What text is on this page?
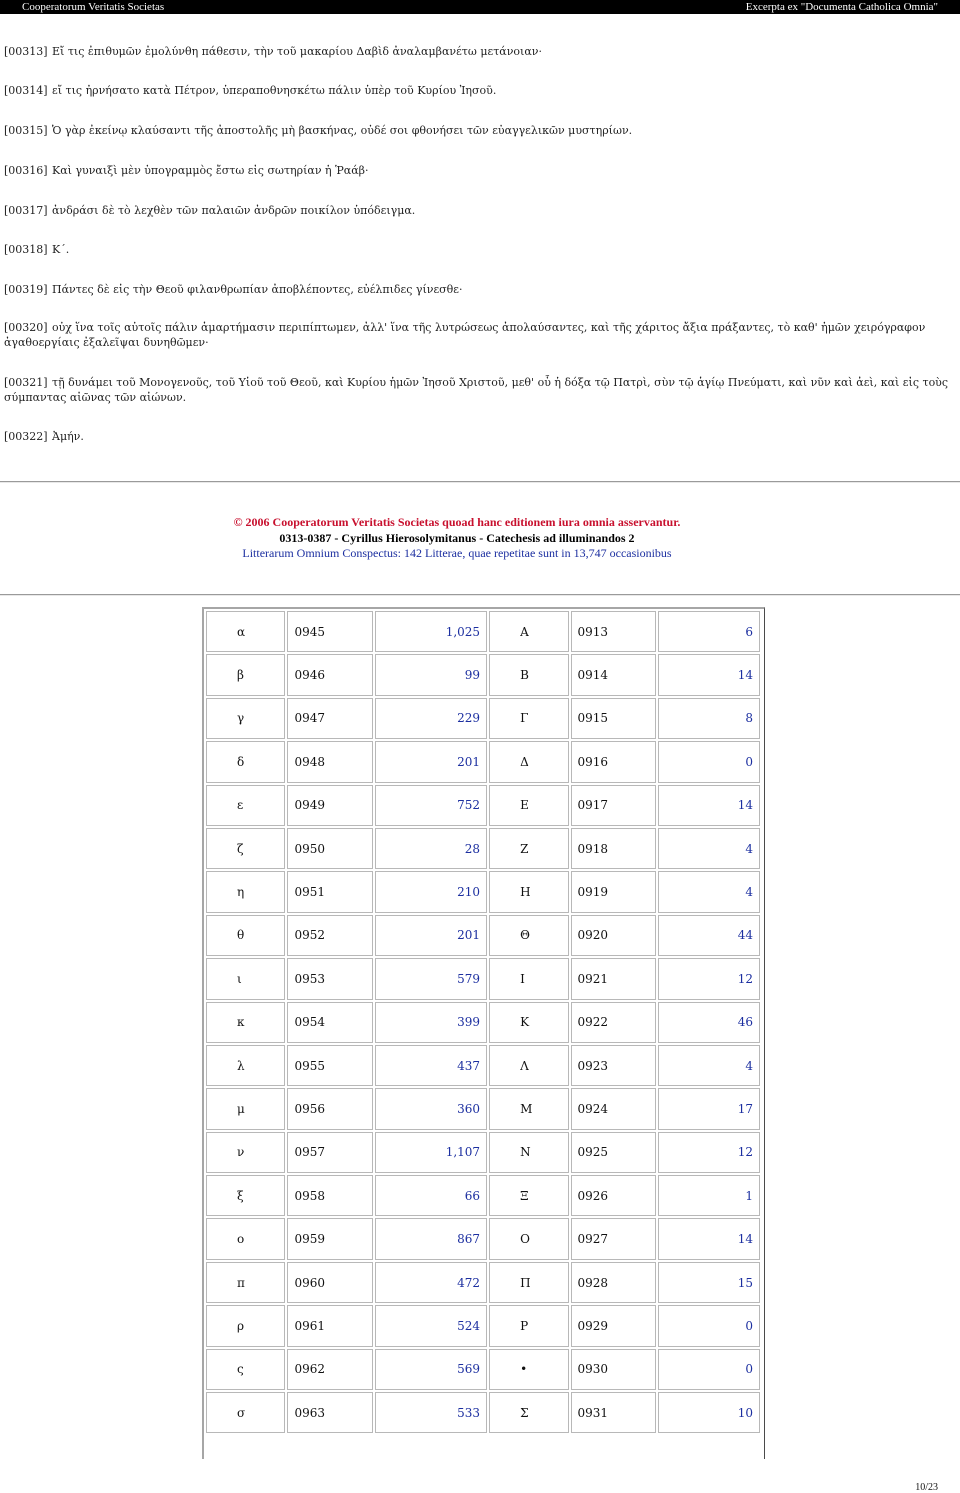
Cooperatorum Veritatis Societas	Excerpta ex "Documenta Catholica Omnia"
[00313] Εἴ τις ἐπιθυμῶν ἐμολύνθη πάθεσιν, τὴν τοῦ μακαρίου Δαβὶδ ἀναλαμβανέτω μετάνοιαν·
[00314] εἴ τις ἠρνήσατο κατὰ Πέτρον, ὑπεραποθνησκέτω πάλιν ὑπὲρ τοῦ Κυρίου Ἰησοῦ.
[00315] Ὁ γὰρ ἐκείνῳ κλαύσαντι τῆς ἀποστολῆς μὴ βασκήνας, οὐδέ σοι φθονήσει τῶν εὐαγγελικῶν μυστηρίων.
[00316] Καὶ γυναιξὶ μὲν ὑπογραμμὸς ἔστω εἰς σωτηρίαν ἡ Ῥαάβ·
[00317] ἀνδράσι δὲ τὸ λεχθὲν τῶν παλαιῶν ἀνδρῶν ποικίλον ὑπόδειγμα.
[00318] Κ΄.
[00319] Πάντες δὲ εἰς τὴν Θεοῦ φιλανθρωπίαν ἀποβλέποντες, εὐέλπιδες γίνεσθε·
[00320] οὐχ ἵνα τοῖς αὐτοῖς πάλιν ἁμαρτήμασιν περιπίπτωμεν, ἀλλ' ἵνα τῆς λυτρώσεως ἀπολαύσαντες, καὶ τῆς χάριτος ἄξια πράξαντες, τὸ καθ' ἡμῶν χειρόγραφον ἀγαθοεργίαις ἐξαλεῖψαι δυνηθῶμεν·
[00321] τῇ δυνάμει τοῦ Μονογενοῦς, τοῦ Υἱοῦ τοῦ Θεοῦ, καὶ Κυρίου ἡμῶν Ἰησοῦ Χριστοῦ, μεθ' οὗ ἡ δόξα τῷ Πατρὶ, σὺν τῷ ἁγίῳ Πνεύματι, καὶ νῦν καὶ ἀεὶ, καὶ εἰς τοὺς σύμπαντας αἰῶνας τῶν αἰώνων.
[00322] Ἀμήν.
© 2006 Cooperatorum Veritatis Societas quoad hanc editionem iura omnia asservantur.
0313-0387 - Cyrillus Hierosolymitanus - Catechesis ad illuminandos 2
Litterarum Omnium Conspectus: 142 Litterae, quae repetitae sunt in 13,747 occasionibus
α	0945	1,025	Α	0913	6
β	0946	99	Β	0914	14
γ	0947	229	Γ	0915	8
δ	0948	201	Δ	0916	0
ε	0949	752	Ε	0917	14
ζ	0950	28	Ζ	0918	4
η	0951	210	Η	0919	4
θ	0952	201	Θ	0920	44
ι	0953	579	Ι	0921	12
κ	0954	399	Κ	0922	46
λ	0955	437	Λ	0923	4
μ	0956	360	Μ	0924	17
ν	0957	1,107	Ν	0925	12
ξ	0958	66	Ξ	0926	1
ο	0959	867	Ο	0927	14
π	0960	472	Π	0928	15
ρ	0961	524	Ρ	0929	0
ς	0962	569	•	0930	0
σ	0963	533	Σ	0931	10
10/23
